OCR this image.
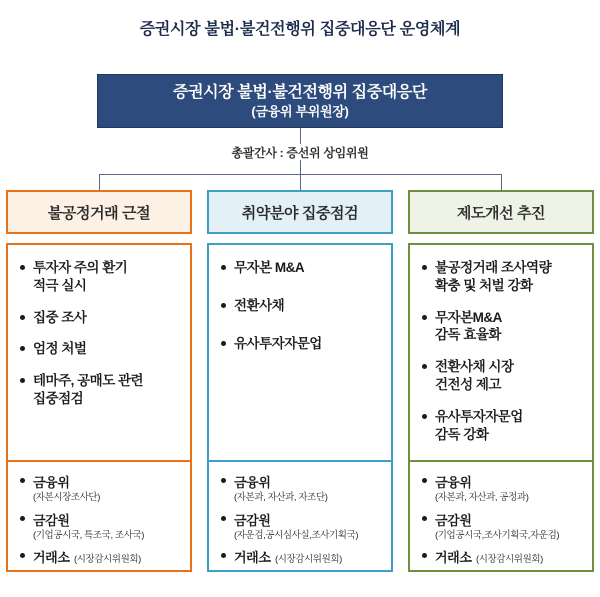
증권시장 불법·불건전행위 집중대응단 운영체계
증권시장 불법·불건전행위 집중대응단
(금융위 부위원장)
총괄간사 : 증선위 상임위원
불공정거래 근절
투자자 주의 환기
적극 실시
집중 조사
엄정 처벌
테마주, 공매도 관련
집중점검
취약분야 집중점검
무자본 M&A
전환사채
유사투자자문업
제도개선 추진
불공정거래 조사역량
확충 및 처벌 강화
무자본M&A
감독 효율화
전환사채 시장
건전성 제고
유사투자자문업
감독 강화
금융위
(자본시장조사단)
금감원
(기업공시국, 특조국, 조사국)
거래소 (시장감시위원회)
금융위
(자본과, 자산과, 자조단)
금감원
(자운검,공시심사실,조사기획국)
거래소 (시장감시위원회)
금융위
(자본과, 자산과, 공정과)
금감원
(기업공시국,조사기획국,자운검)
거래소 (시장감시위원회)
